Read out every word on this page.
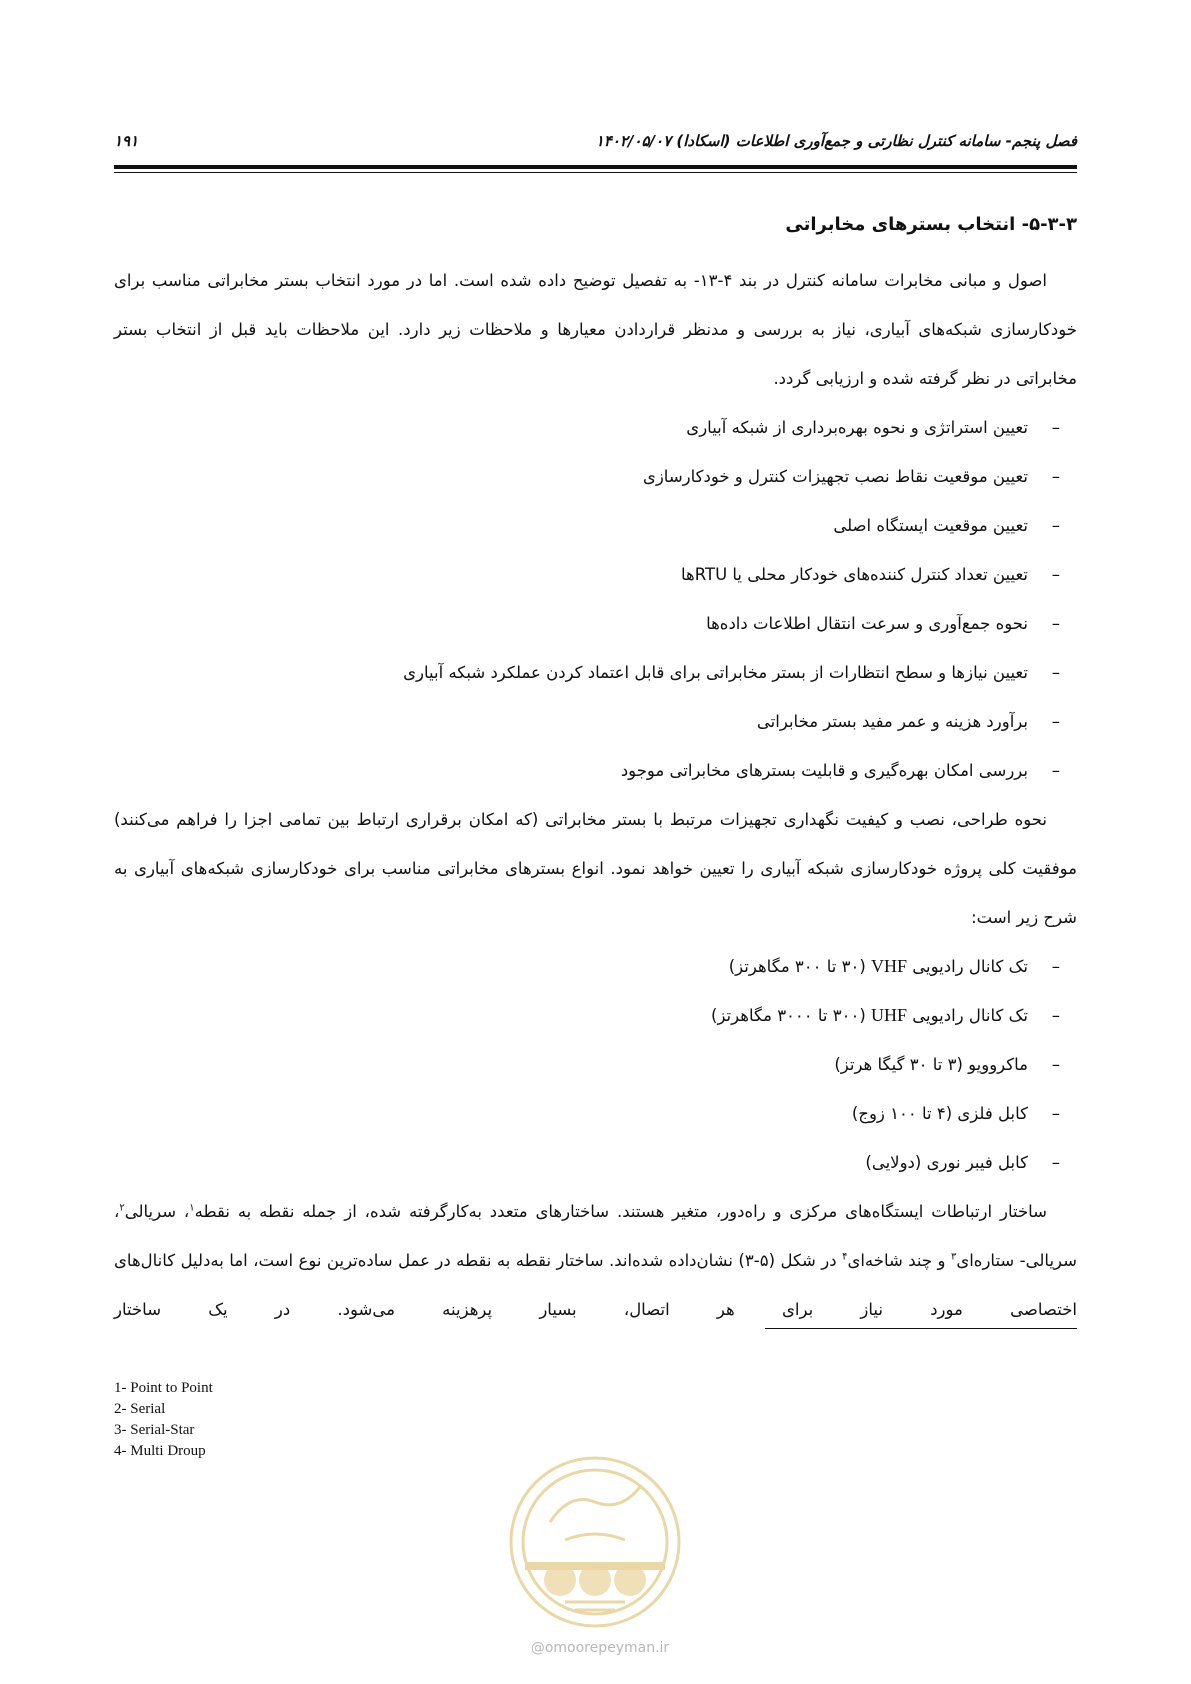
فصل پنجم- سامانه کنترل نظارتی و جمع‌آوری اطلاعات (اسکادا) ۱۴۰۲/۰۵/۰۷
۱۹۱
۵-۳-۳- انتخاب بسترهای مخابراتی

اصول و مبانی مخابرات سامانه کنترل در بند ۴-۱۳- به تفصیل توضیح داده شده است. اما در مورد انتخاب بستر مخابراتی مناسب برای خودکارسازی شبکه‌های آبیاری، نیاز به بررسی و مدنظر قراردادن معیارها و ملاحظات زیر دارد. این ملاحظات باید قبل از انتخاب بستر مخابراتی در نظر گرفته شده و ارزیابی گردد.

–تعیین استراتژی و نحوه بهره‌برداری از شبکه آبیاری
–تعیین موقعیت نقاط نصب تجهیزات کنترل و خودکارسازی
–تعیین موقعیت ایستگاه اصلی
–تعیین تعداد کنترل کننده‌های خودکار محلی یا RTUها
–نحوه جمع‌آوری و سرعت انتقال اطلاعات داده‌ها
–تعیین نیازها و سطح انتظارات از بستر مخابراتی برای قابل اعتماد کردن عملکرد شبکه آبیاری
–برآورد هزینه و عمر مفید بستر مخابراتی
–بررسی امکان بهره‌گیری و قابلیت بسترهای مخابراتی موجود

نحوه طراحی، نصب و کیفیت نگهداری تجهیزات مرتبط با بستر مخابراتی (که امکان برقراری ارتباط بین تمامی اجزا را فراهم می‌کنند) موفقیت کلی پروژه خودکارسازی شبکه آبیاری را تعیین خواهد نمود. انواع بسترهای مخابراتی مناسب برای خودکارسازی شبکه‌های آبیاری به شرح زیر است:

–تک کانال رادیویی VHF (۳۰ تا ۳۰۰ مگاهرتز)
–تک کانال رادیویی UHF (۳۰۰ تا ۳۰۰۰ مگاهرتز)
–ماکروویو (۳ تا ۳۰ گیگا هرتز)
–کابل فلزی (۴ تا ۱۰۰ زوج)
–کابل فیبر نوری (دولایی)

ساختار ارتباطات ایستگاه‌های مرکزی و راه‌دور، متغیر هستند. ساختارهای متعدد به‌کارگرفته شده، از جمله نقطه به نقطه$^۱$، سریالی$^۲$، سریالی- ستاره‌ای$^۳$ و چند شاخه‌ای$^۴$ در شکل (۵-۳) نشان‌داده شده‌اند. ساختار نقطه به نقطه در عمل ساده‌ترین نوع است، اما به‌دلیل کانال‌های اختصاصی مورد نیاز برای هر اتصال، بسیار پرهزینه می‌شود. در یک ساختار

1- Point to Point
2- Serial
3- Serial-Star
4- Multi Droup
@omoorepeyman.ir
